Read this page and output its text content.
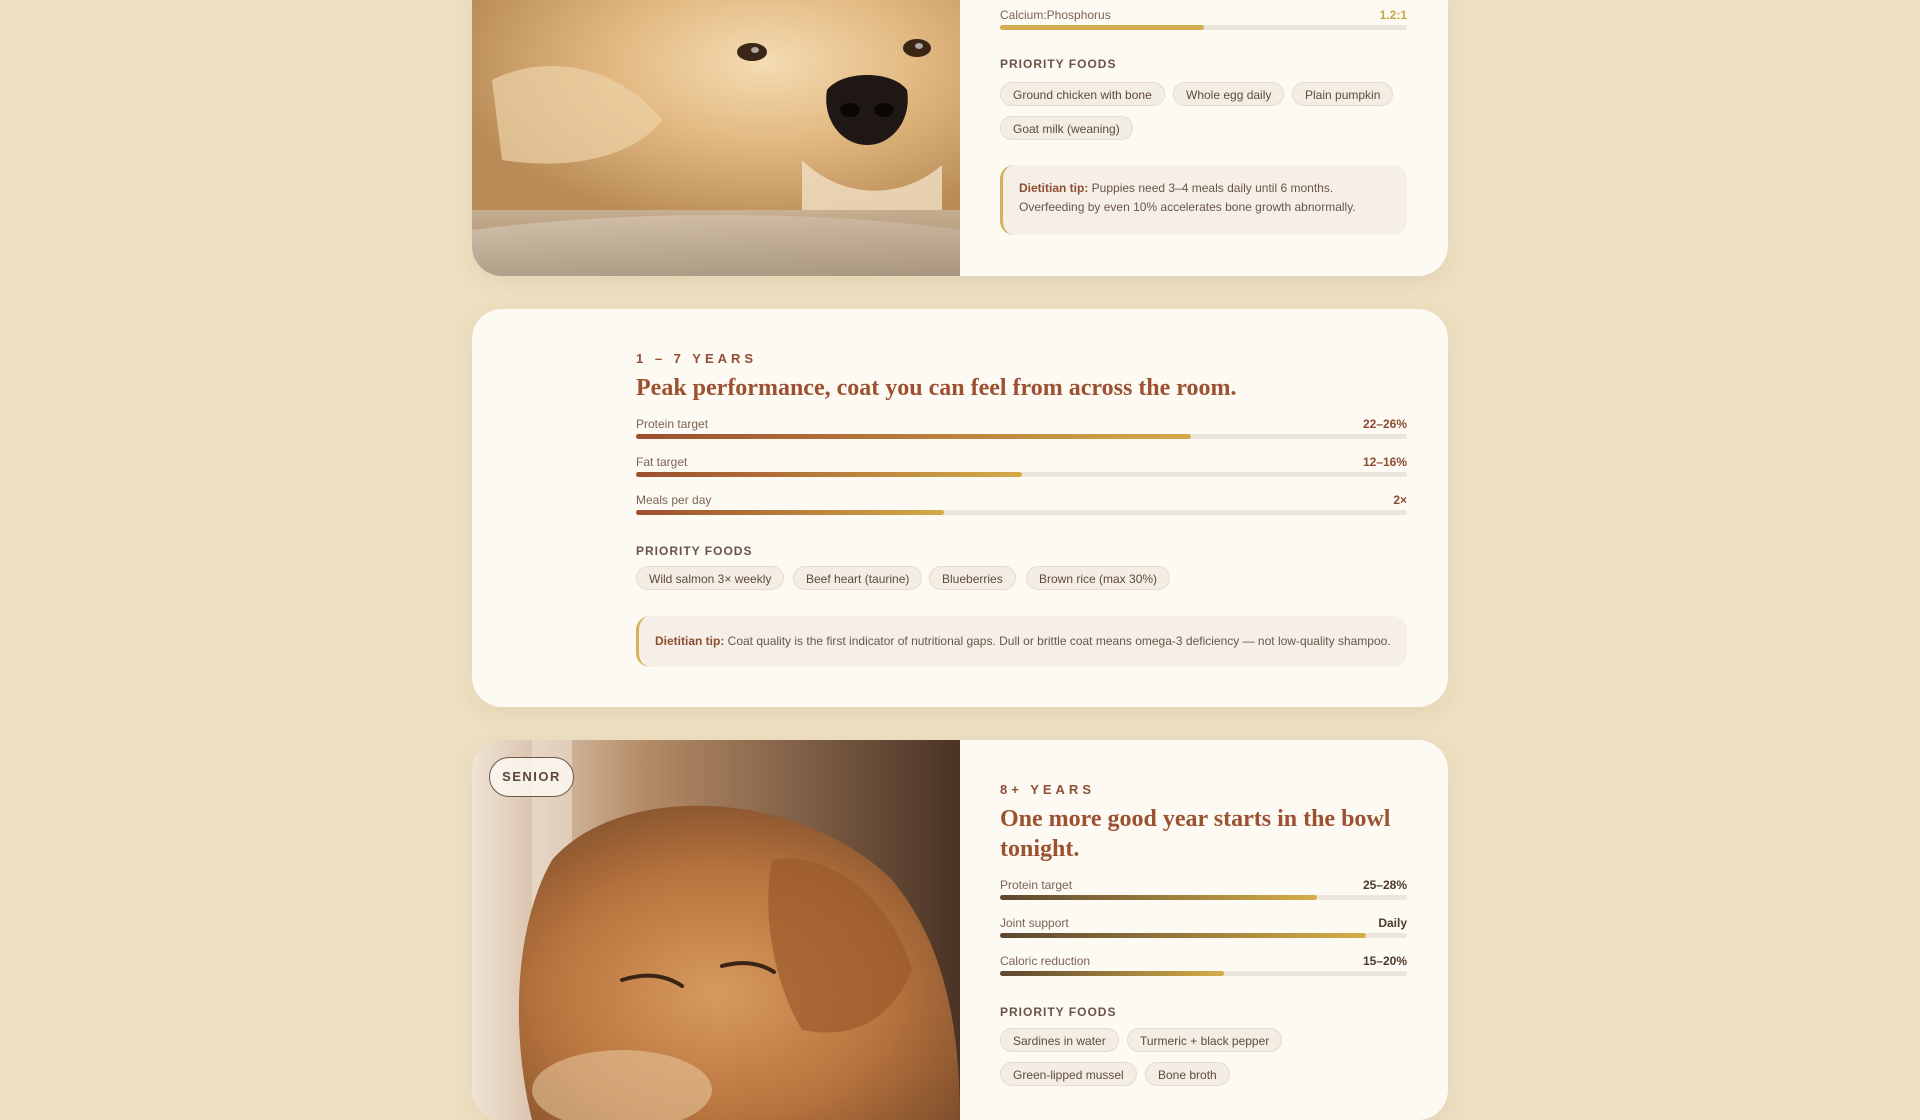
Calcium:Phosphorus	1.2:1

PRIORITY FOODS

Ground chicken with bone	Whole egg daily	Plain pumpkin
Goat milk (weaning)
Dietitian tip: Puppies need 3–4 meals daily until 6 months. Overfeeding by even 10% accelerates bone growth abnormally.

1 – 7 YEARS

Peak performance, coat you can feel from across the room.
Protein target	22–26%
Fat target	12–16%
Meals per day	2×

PRIORITY FOODS

Wild salmon 3× weekly	Beef heart (taurine)	Blueberries	Brown rice (max 30%)
Dietitian tip: Coat quality is the first indicator of nutritional gaps. Dull or brittle coat means omega-3 deficiency — not low-quality shampoo.
SENIOR

8+ YEARS

One more good year starts in the bowl tonight.
Protein target	25–28%
Joint support	Daily
Caloric reduction	15–20%

PRIORITY FOODS

Sardines in water	Turmeric + black pepper
Green-lipped mussel	Bone broth
